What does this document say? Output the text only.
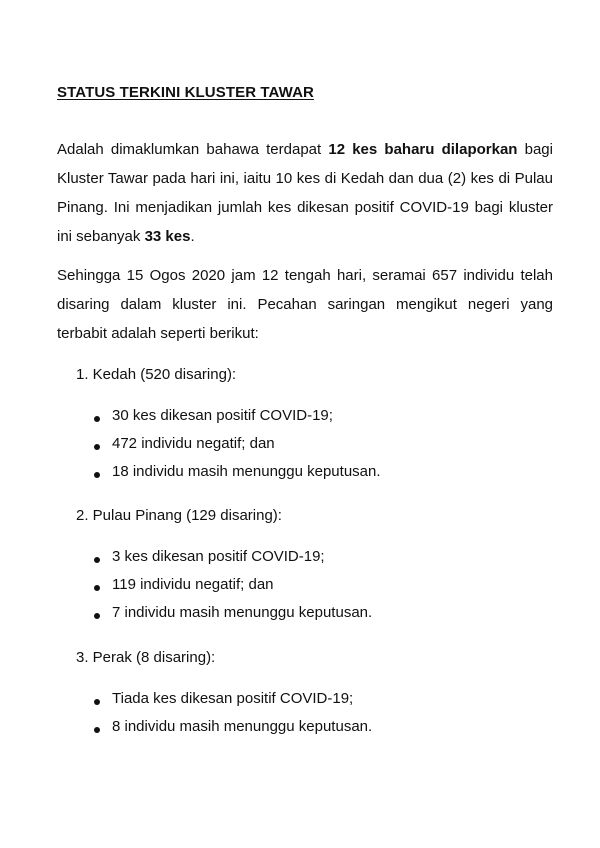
STATUS TERKINI KLUSTER TAWAR
Adalah dimaklumkan bahawa terdapat 12 kes baharu dilaporkan bagi Kluster Tawar pada hari ini, iaitu 10 kes di Kedah dan dua (2) kes di Pulau Pinang. Ini menjadikan jumlah kes dikesan positif COVID-19 bagi kluster ini sebanyak 33 kes.
Sehingga 15 Ogos 2020 jam 12 tengah hari, seramai 657 individu telah disaring dalam kluster ini. Pecahan saringan mengikut negeri yang terbabit adalah seperti berikut:
1. Kedah (520 disaring):
30 kes dikesan positif COVID-19;
472 individu negatif; dan
18 individu masih menunggu keputusan.
2. Pulau Pinang (129 disaring):
3 kes dikesan positif COVID-19;
119 individu negatif; dan
7 individu masih menunggu keputusan.
3. Perak (8 disaring):
Tiada kes dikesan positif COVID-19;
8 individu masih menunggu keputusan.
